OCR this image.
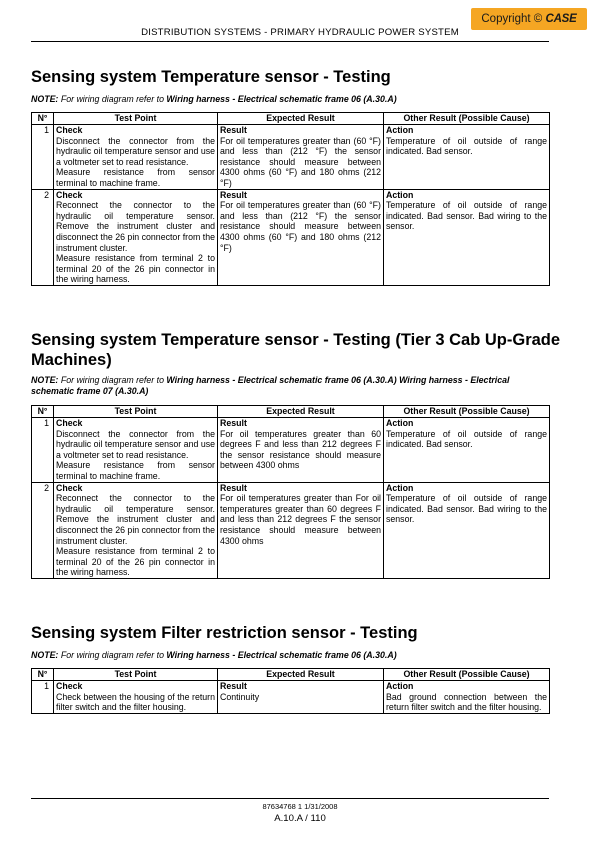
Copyright © CASE
DISTRIBUTION SYSTEMS - PRIMARY HYDRAULIC POWER SYSTEM
Sensing system Temperature sensor - Testing
NOTE: For wiring diagram refer to Wiring harness - Electrical schematic frame 06 (A.30.A)
N°	Test Point	Expected Result	Other Result (Possible Cause)
1	Check
Disconnect the connector from the hydraulic oil temperature sensor and use a voltmeter set to read resistance.
Measure resistance from sensor terminal to machine frame.	Result
For oil temperatures greater than (60 °F) and less than (212 °F) the sensor resistance should measure between 4300 ohms (60 °F) and 180 ohms (212 °F)	Action
Temperature of oil outside of range indicated. Bad sensor.
2	Check
Reconnect the connector to the hydraulic oil temperature sensor. Remove the instrument cluster and disconnect the 26 pin connector from the instrument cluster.
Measure resistance from terminal 2 to terminal 20 of the 26 pin connector in the wiring harness.	Result
For oil temperatures greater than (60 °F) and less than (212 °F) the sensor resistance should measure between 4300 ohms (60 °F) and 180 ohms (212 °F)	Action
Temperature of oil outside of range indicated. Bad sensor. Bad wiring to the sensor.
Sensing system Temperature sensor - Testing (Tier 3 Cab Up-Grade Machines)
NOTE: For wiring diagram refer to Wiring harness - Electrical schematic frame 06 (A.30.A) Wiring harness - Electrical schematic frame 07 (A.30.A)
N°	Test Point	Expected Result	Other Result (Possible Cause)
1	Check
Disconnect the connector from the hydraulic oil temperature sensor and use a voltmeter set to read resistance.
Measure resistance from sensor terminal to machine frame.	Result
For oil temperatures greater than 60 degrees F and less than 212 degrees F the sensor resistance should measure between 4300 ohms	Action
Temperature of oil outside of range indicated. Bad sensor.
2	Check
Reconnect the connector to the hydraulic oil temperature sensor. Remove the instrument cluster and disconnect the 26 pin connector from the instrument cluster.
Measure resistance from terminal 2 to terminal 20 of the 26 pin connector in the wiring harness.	Result
For oil temperatures greater than For oil temperatures greater than 60 degrees F and less than 212 degrees F the sensor resistance should measure between 4300 ohms	Action
Temperature of oil outside of range indicated. Bad sensor. Bad wiring to the sensor.
Sensing system Filter restriction sensor - Testing
NOTE: For wiring diagram refer to Wiring harness - Electrical schematic frame 06 (A.30.A)
N°	Test Point	Expected Result	Other Result (Possible Cause)
1	Check
Check between the housing of the return filter switch and the filter housing.	Result
Continuity	Action
Bad ground connection between the return filter switch and the filter housing.
87634768 1 1/31/2008
A.10.A / 110
